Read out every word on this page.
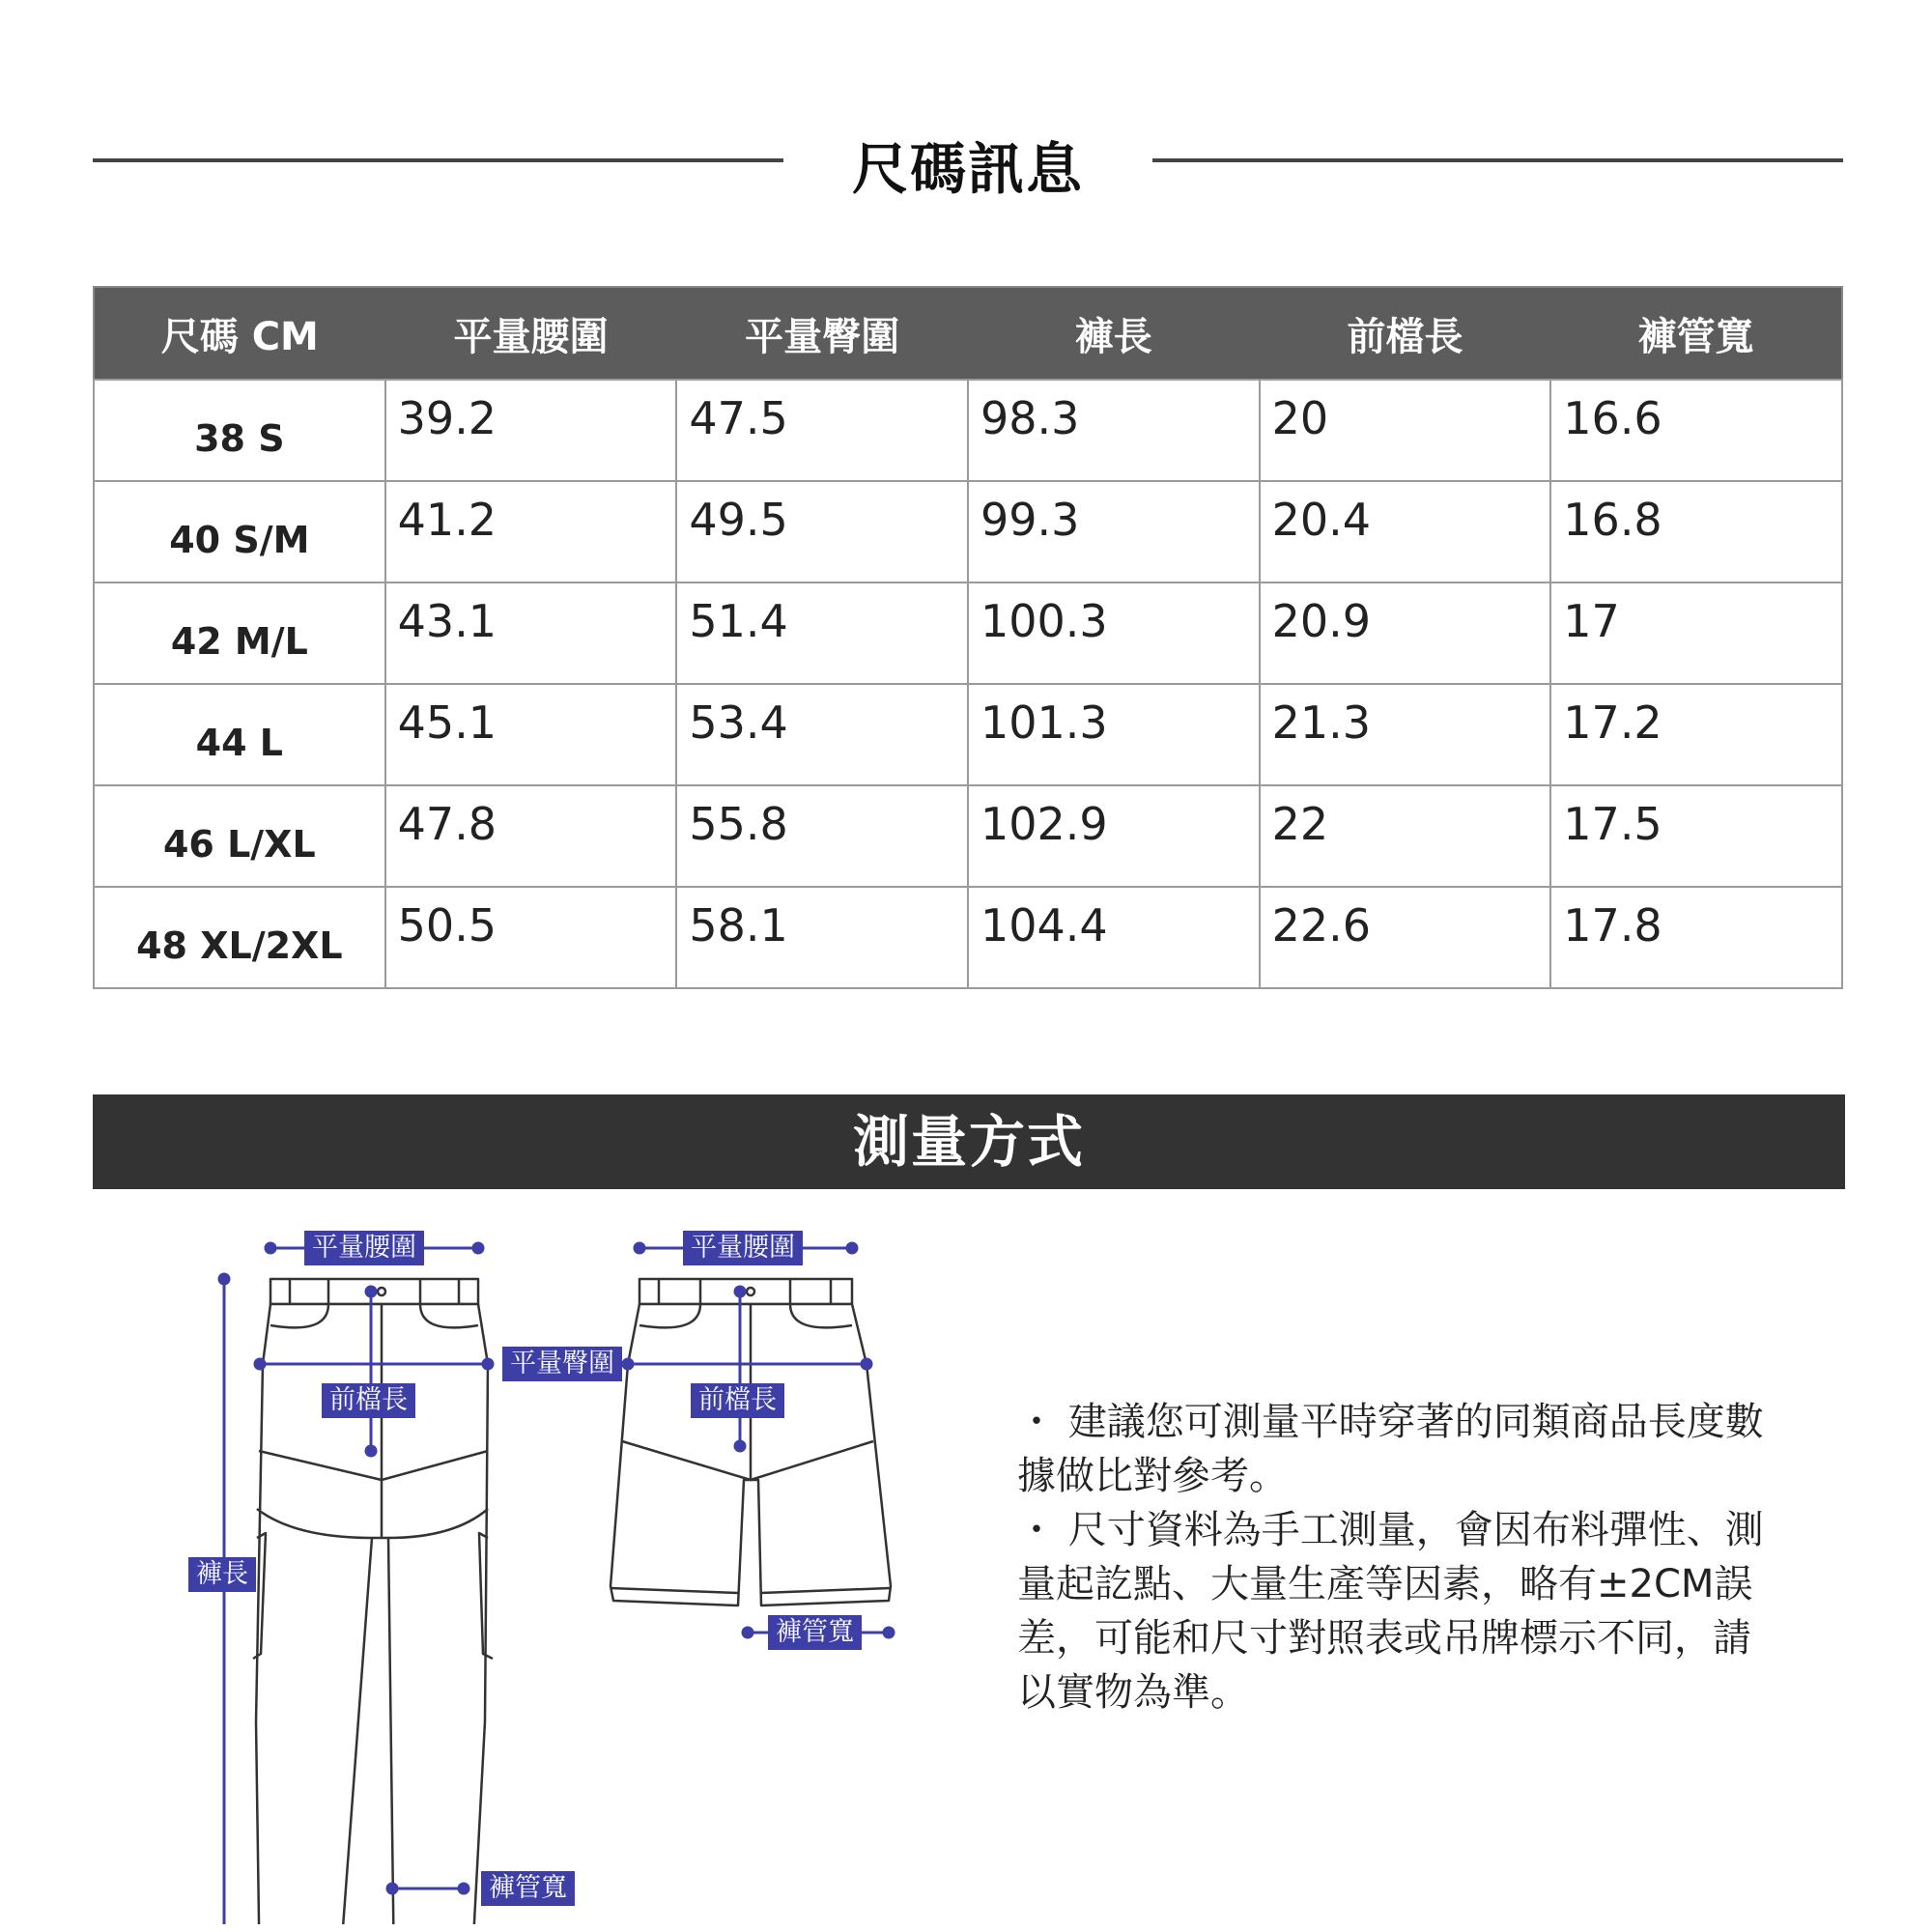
尺碼訊息
尺碼 CM	平量腰圍	平量臀圍	褲長	前檔長	褲管寬
38 S	39.2	47.5	98.3	20	16.6

40 S/M	41.2	49.5	99.3	20.4	16.8

42 M/L	43.1	51.4	100.3	20.9	17

44 L	45.1	53.4	101.3	21.3	17.2

46 L/XL	47.8	55.8	102.9	22	17.5

48 XL/2XL	50.5	58.1	104.4	22.6	17.8
測量方式
平量腰圍	平量腰圍
平量臀圍
前檔長	前檔長
褲長
褲管寬
褲管寬
・ 建議您可測量平時穿著的同類商品長度數
據做比對參考。
・ 尺寸資料為手工測量，會因布料彈性、測
量起訖點、大量生產等因素，略有±2CM誤
差，可能和尺寸對照表或吊牌標示不同，請
以實物為準。
